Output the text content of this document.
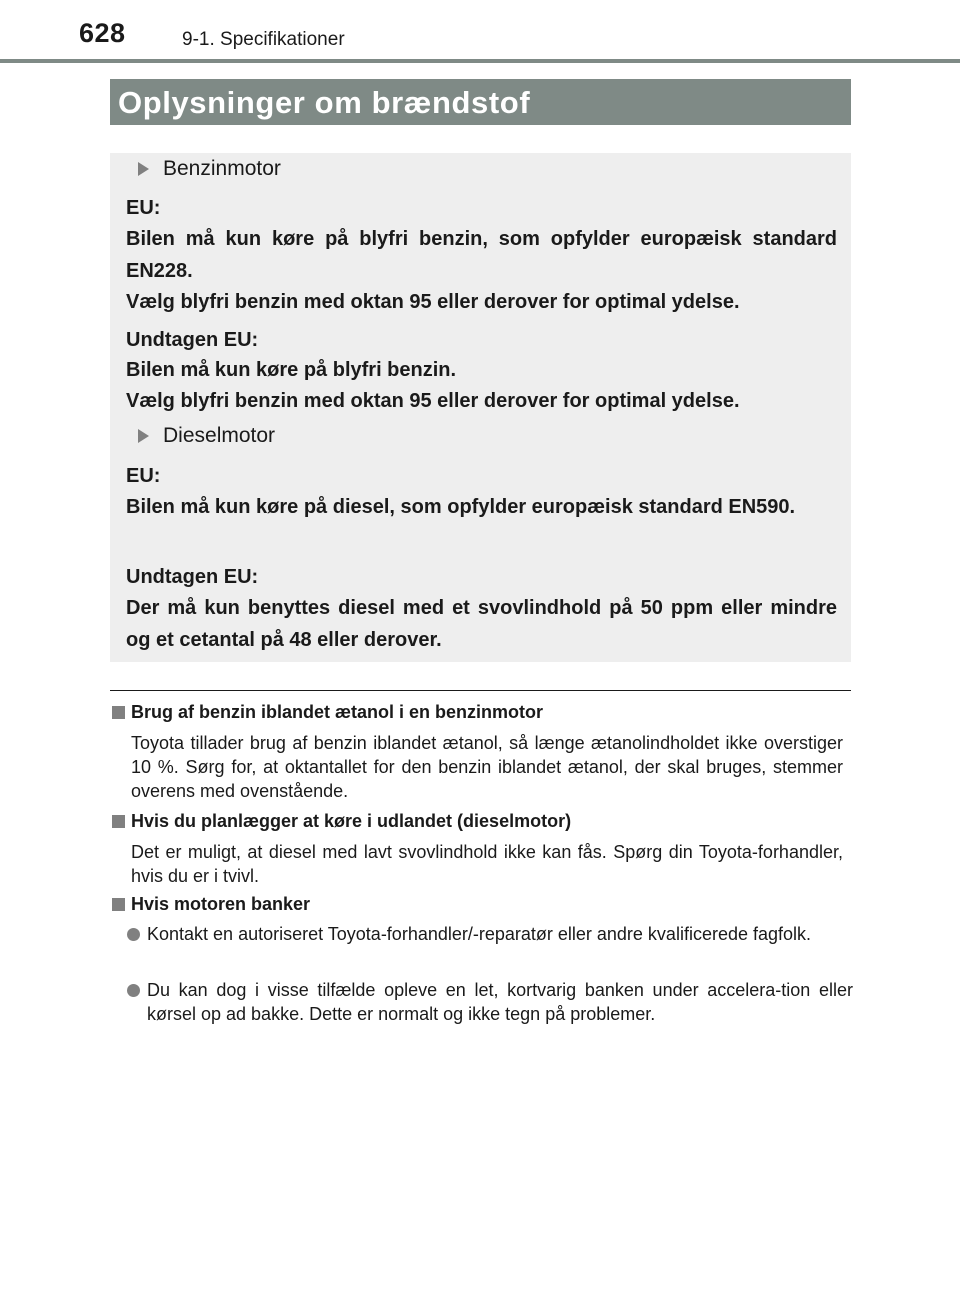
628	9-1. Specifikationer
Oplysninger om brændstof
Benzinmotor
EU:
Bilen må kun køre på blyfri benzin, som opfylder europæisk standard EN228.
Vælg blyfri benzin med oktan 95 eller derover for optimal ydelse.
Undtagen EU:
Bilen må kun køre på blyfri benzin.
Vælg blyfri benzin med oktan 95 eller derover for optimal ydelse.
Dieselmotor
EU:
Bilen må kun køre på diesel, som opfylder europæisk standard EN590.
Undtagen EU:
Der må kun benyttes diesel med et svovlindhold på 50 ppm eller mindre og et cetantal på 48 eller derover.
Brug af benzin iblandet ætanol i en benzinmotor
Toyota tillader brug af benzin iblandet ætanol, så længe ætanolindholdet ikke overstiger 10 %. Sørg for, at oktantallet for den benzin iblandet ætanol, der skal bruges, stemmer overens med ovenstående.
Hvis du planlægger at køre i udlandet (dieselmotor)
Det er muligt, at diesel med lavt svovlindhold ikke kan fås. Spørg din Toyota-forhandler, hvis du er i tvivl.
Hvis motoren banker
Kontakt en autoriseret Toyota-forhandler/-reparatør eller andre kvalificerede fagfolk.
Du kan dog i visse tilfælde opleve en let, kortvarig banken under accelera-tion eller kørsel op ad bakke. Dette er normalt og ikke tegn på problemer.
